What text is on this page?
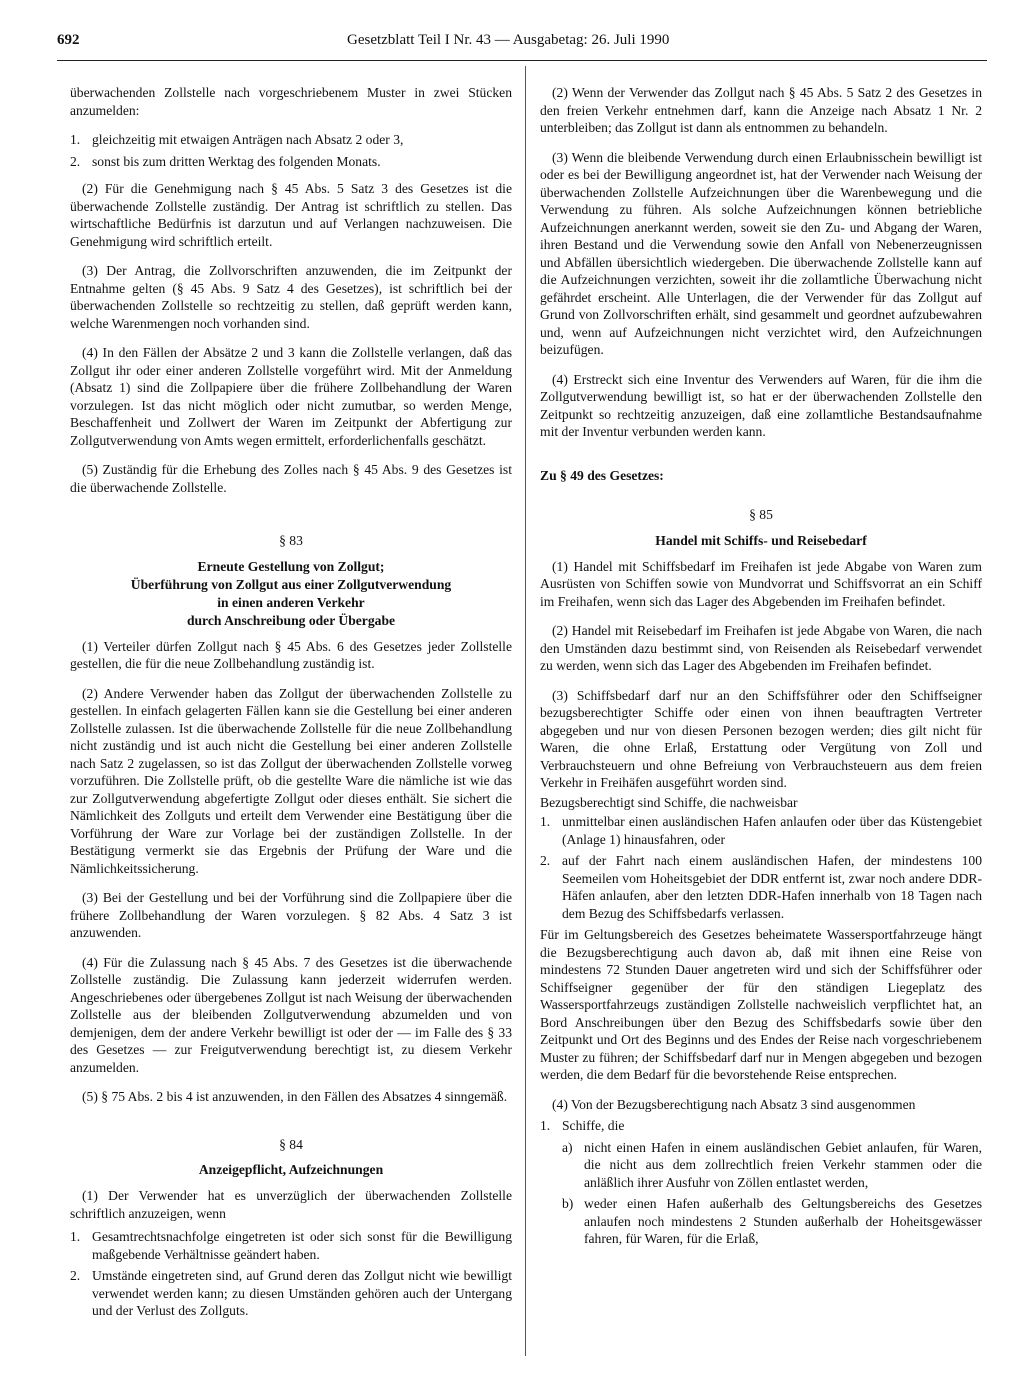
692	Gesetzblatt Teil I Nr. 43 — Ausgabetag: 26. Juli 1990

überwachenden Zollstelle nach vorgeschriebenem Muster in zwei Stücken anzumelden:

1. gleichzeitig mit etwaigen Anträgen nach Absatz 2 oder 3,
2. sonst bis zum dritten Werktag des folgenden Monats.

(2) Für die Genehmigung nach § 45 Abs. 5 Satz 3 des Gesetzes ist die überwachende Zollstelle zuständig. Der Antrag ist schriftlich zu stellen. Das wirtschaftliche Bedürfnis ist darzutun und auf Verlangen nachzuweisen. Die Genehmigung wird schriftlich erteilt.

(3) Der Antrag, die Zollvorschriften anzuwenden, die im Zeitpunkt der Entnahme gelten (§ 45 Abs. 9 Satz 4 des Gesetzes), ist schriftlich bei der überwachenden Zollstelle so rechtzeitig zu stellen, daß geprüft werden kann, welche Warenmengen noch vorhanden sind.

(4) In den Fällen der Absätze 2 und 3 kann die Zollstelle verlangen, daß das Zollgut ihr oder einer anderen Zollstelle vorgeführt wird. Mit der Anmeldung (Absatz 1) sind die Zollpapiere über die frühere Zollbehandlung der Waren vorzulegen. Ist das nicht möglich oder nicht zumutbar, so werden Menge, Beschaffenheit und Zollwert der Waren im Zeitpunkt der Abfertigung zur Zollgutverwendung von Amts wegen ermittelt, erforderlichenfalls geschätzt.

(5) Zuständig für die Erhebung des Zolles nach § 45 Abs. 9 des Gesetzes ist die überwachende Zollstelle.

§ 83
Erneute Gestellung von Zollgut;
Überführung von Zollgut aus einer Zollgutverwendung
in einen anderen Verkehr
durch Anschreibung oder Übergabe

(1) Verteiler dürfen Zollgut nach § 45 Abs. 6 des Gesetzes jeder Zollstelle gestellen, die für die neue Zollbehandlung zuständig ist.

(2) Andere Verwender haben das Zollgut der überwachenden Zollstelle zu gestellen. In einfach gelagerten Fällen kann sie die Gestellung bei einer anderen Zollstelle zulassen. Ist die überwachende Zollstelle für die neue Zollbehandlung nicht zuständig und ist auch nicht die Gestellung bei einer anderen Zollstelle nach Satz 2 zugelassen, so ist das Zollgut der überwachenden Zollstelle vorweg vorzuführen. Die Zollstelle prüft, ob die gestellte Ware die nämliche ist wie das zur Zollgutverwendung abgefertigte Zollgut oder dieses enthält. Sie sichert die Nämlichkeit des Zollguts und erteilt dem Verwender eine Bestätigung über die Vorführung der Ware zur Vorlage bei der zuständigen Zollstelle. In der Bestätigung vermerkt sie das Ergebnis der Prüfung der Ware und die Nämlichkeitssicherung.

(3) Bei der Gestellung und bei der Vorführung sind die Zollpapiere über die frühere Zollbehandlung der Waren vorzulegen. § 82 Abs. 4 Satz 3 ist anzuwenden.

(4) Für die Zulassung nach § 45 Abs. 7 des Gesetzes ist die überwachende Zollstelle zuständig. Die Zulassung kann jederzeit widerrufen werden. Angeschriebenes oder übergebenes Zollgut ist nach Weisung der überwachenden Zollstelle aus der bleibenden Zollgutverwendung abzumelden und von demjenigen, dem der andere Verkehr bewilligt ist oder der — im Falle des § 33 des Gesetzes — zur Freigutverwendung berechtigt ist, zu diesem Verkehr anzumelden.

(5) § 75 Abs. 2 bis 4 ist anzuwenden, in den Fällen des Absatzes 4 sinngemäß.

§ 84
Anzeigepflicht, Aufzeichnungen

(1) Der Verwender hat es unverzüglich der überwachenden Zollstelle schriftlich anzuzeigen, wenn

1. Gesamtrechtsnachfolge eingetreten ist oder sich sonst für die Bewilligung maßgebende Verhältnisse geändert haben.
2. Umstände eingetreten sind, auf Grund deren das Zollgut nicht wie bewilligt verwendet werden kann; zu diesen Umständen gehören auch der Untergang und der Verlust des Zollguts.

(2) Wenn der Verwender das Zollgut nach § 45 Abs. 5 Satz 2 des Gesetzes in den freien Verkehr entnehmen darf, kann die Anzeige nach Absatz 1 Nr. 2 unterbleiben; das Zollgut ist dann als entnommen zu behandeln.

(3) Wenn die bleibende Verwendung durch einen Erlaubnisschein bewilligt ist oder es bei der Bewilligung angeordnet ist, hat der Verwender nach Weisung der überwachenden Zollstelle Aufzeichnungen über die Warenbewegung und die Verwendung zu führen. Als solche Aufzeichnungen können betriebliche Aufzeichnungen anerkannt werden, soweit sie den Zu- und Abgang der Waren, ihren Bestand und die Verwendung sowie den Anfall von Nebenerzeugnissen und Abfällen übersichtlich wiedergeben. Die überwachende Zollstelle kann auf die Aufzeichnungen verzichten, soweit ihr die zollamtliche Überwachung nicht gefährdet erscheint. Alle Unterlagen, die der Verwender für das Zollgut auf Grund von Zollvorschriften erhält, sind gesammelt und geordnet aufzubewahren und, wenn auf Aufzeichnungen nicht verzichtet wird, den Aufzeichnungen beizufügen.

(4) Erstreckt sich eine Inventur des Verwenders auf Waren, für die ihm die Zollgutverwendung bewilligt ist, so hat er der überwachenden Zollstelle den Zeitpunkt so rechtzeitig anzuzeigen, daß eine zollamtliche Bestandsaufnahme mit der Inventur verbunden werden kann.

Zu § 49 des Gesetzes:
§ 85
Handel mit Schiffs- und Reisebedarf

(1) Handel mit Schiffsbedarf im Freihafen ist jede Abgabe von Waren zum Ausrüsten von Schiffen sowie von Mundvorrat und Schiffsvorrat an ein Schiff im Freihafen, wenn sich das Lager des Abgebenden im Freihafen befindet.

(2) Handel mit Reisebedarf im Freihafen ist jede Abgabe von Waren, die nach den Umständen dazu bestimmt sind, von Reisenden als Reisebedarf verwendet zu werden, wenn sich das Lager des Abgebenden im Freihafen befindet.

(3) Schiffsbedarf darf nur an den Schiffsführer oder den Schiffseigner bezugsberechtigter Schiffe oder einen von ihnen beauftragten Vertreter abgegeben und nur von diesen Personen bezogen werden; dies gilt nicht für Waren, die ohne Erlaß, Erstattung oder Vergütung von Zoll und Verbrauchsteuern und ohne Befreiung von Verbrauchsteuern aus dem freien Verkehr in Freihäfen ausgeführt worden sind.

Bezugsberechtigt sind Schiffe, die nachweisbar

1. unmittelbar einen ausländischen Hafen anlaufen oder über das Küstengebiet (Anlage 1) hinausfahren, oder
2. auf der Fahrt nach einem ausländischen Hafen, der mindestens 100 Seemeilen vom Hoheitsgebiet der DDR entfernt ist, zwar noch andere DDR-Häfen anlaufen, aber den letzten DDR-Hafen innerhalb von 18 Tagen nach dem Bezug des Schiffsbedarfs verlassen.

Für im Geltungsbereich des Gesetzes beheimatete Wassersportfahrzeuge hängt die Bezugsberechtigung auch davon ab, daß mit ihnen eine Reise von mindestens 72 Stunden Dauer angetreten wird und sich der Schiffsführer oder Schiffseigner gegenüber der für den ständigen Liegeplatz des Wassersportfahrzeugs zuständigen Zollstelle nachweislich verpflichtet hat, an Bord Anschreibungen über den Bezug des Schiffsbedarfs sowie über den Zeitpunkt und Ort des Beginns und des Endes der Reise nach vorgeschriebenem Muster zu führen; der Schiffsbedarf darf nur in Mengen abgegeben und bezogen werden, die dem Bedarf für die bevorstehende Reise entsprechen.

(4) Von der Bezugsberechtigung nach Absatz 3 sind ausgenommen

1. Schiffe, die
a) nicht einen Hafen in einem ausländischen Gebiet anlaufen, für Waren, die nicht aus dem zollrechtlich freien Verkehr stammen oder die anläßlich ihrer Ausfuhr von Zöllen entlastet werden,
b) weder einen Hafen außerhalb des Geltungsbereichs des Gesetzes anlaufen noch mindestens 2 Stunden außerhalb der Hoheitsgewässer fahren, für Waren, für die Erlaß,
